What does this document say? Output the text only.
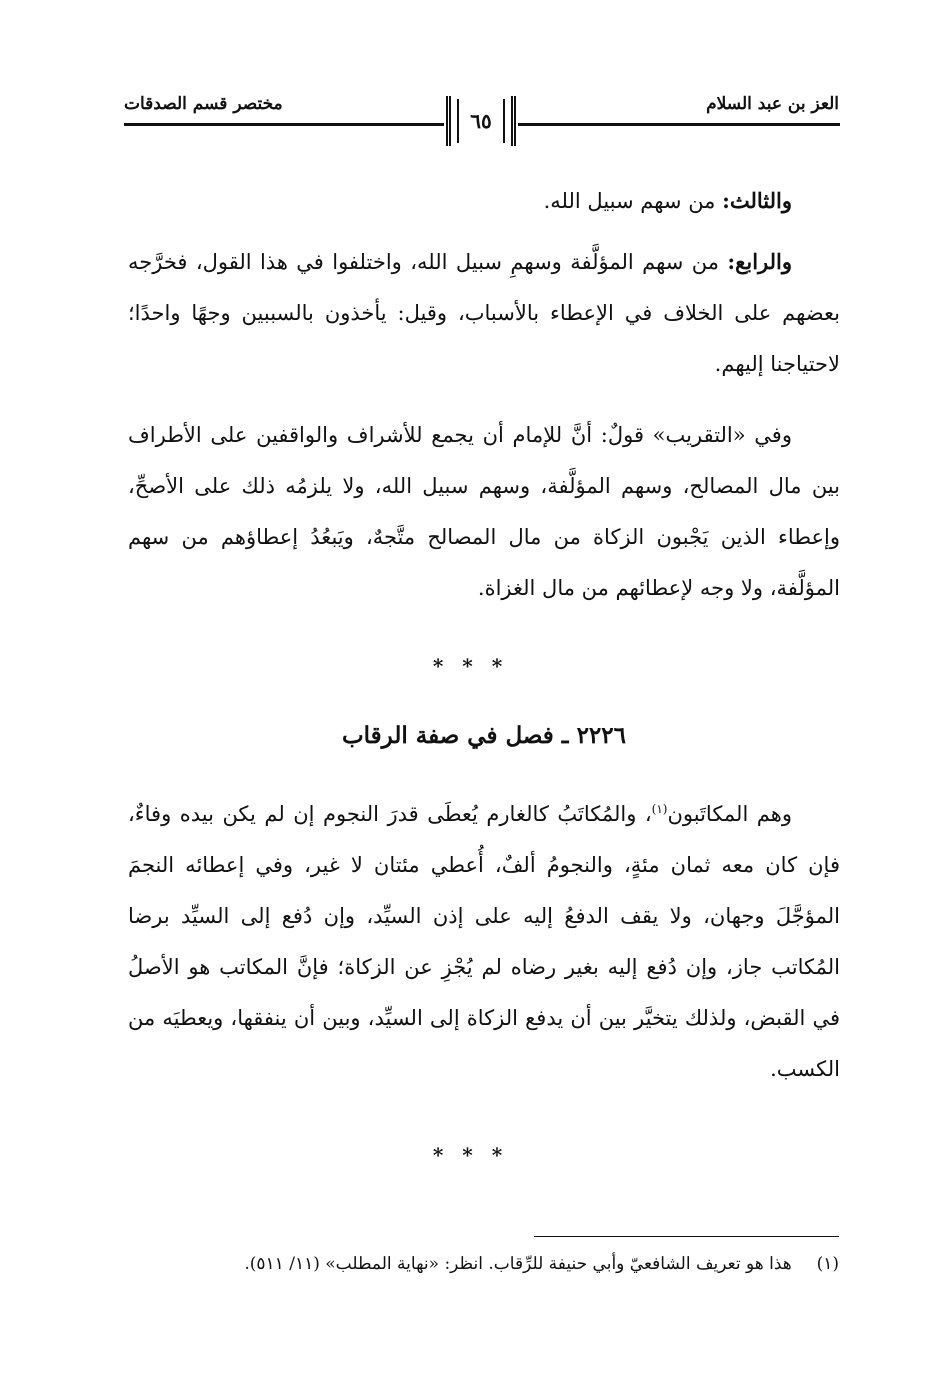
العز بن عبد السلام
مختصر قسم الصدقات
٦٥

والثالث: من سهم سبيل الله.

والرابع: من سهم المؤلَّفة وسهمِ سبيل الله، واختلفوا في هذا القول، فخرَّجه بعضهم على الخلاف في الإعطاء بالأسباب، وقيل: يأخذون بالسببين وجهًا واحدًا؛ لاحتياجنا إليهم.

وفي «التقريب» قولٌ: أنَّ للإمام أن يجمع للأشراف والواقفين على الأطراف بين مال المصالح، وسهم المؤلَّفة، وسهم سبيل الله، ولا يلزمُه ذلك على الأصحِّ، وإعطاء الذين يَجْبون الزكاة من مال المصالح متَّجهٌ، ويَبعُدُ إعطاؤهم من سهم المؤلَّفة، ولا وجه لإعطائهم من مال الغزاة.

* * *
٢٢٢٦ ـ فصل في صفة الرقاب

وهم المكاتَبون$^{(١)}$، والمُكاتَبُ كالغارم يُعطَى قدرَ النجوم إن لم يكن بيده وفاءٌ، فإن كان معه ثمان مئةٍ، والنجومُ ألفٌ، أُعطي مئتان لا غير، وفي إعطائه النجمَ المؤجَّلَ وجهان، ولا يقف الدفعُ إليه على إذن السيِّد، وإن دُفع إلى السيِّد برضا المُكاتب جاز، وإن دُفع إليه بغير رضاه لم يُجْزِ عن الزكاة؛ فإنَّ المكاتب هو الأصلُ في القبض، ولذلك يتخيَّر بين أن يدفع الزكاة إلى السيِّد، وبين أن ينفقها، ويعطيَه من الكسب.

* * *
(١)  هذا هو تعريف الشافعيّ وأبي حنيفة للرِّقاب. انظر: «نهاية المطلب» (١١/ ٥١١).
